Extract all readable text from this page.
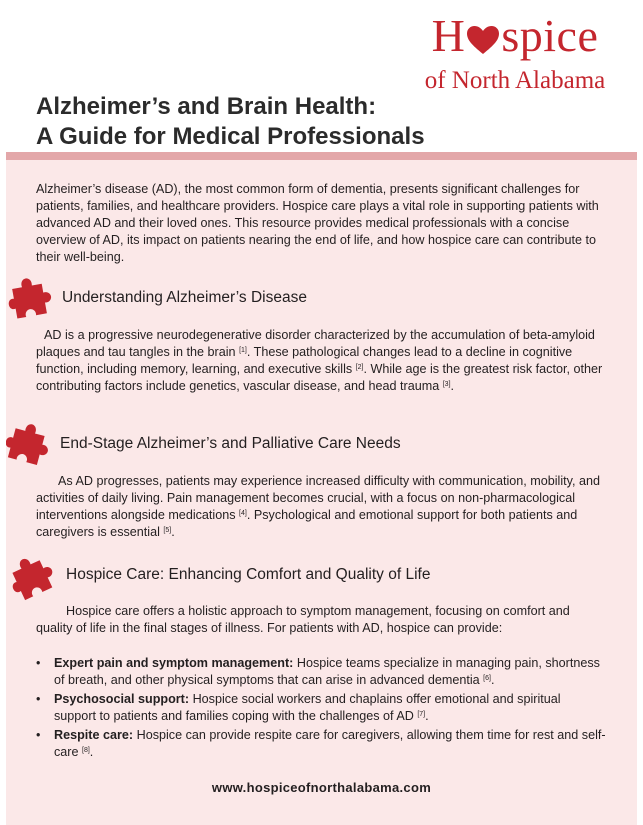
H spice
of North Alabama
Alzheimer’s and Brain Health:
A Guide for Medical Professionals

Alzheimer’s disease (AD), the most common form of dementia, presents significant challenges for patients, families, and healthcare providers. Hospice care plays a vital role in supporting patients with advanced AD and their loved ones. This resource provides medical professionals with a concise overview of AD, its impact on patients nearing the end of life, and how hospice care can contribute to their well-being.

Understanding Alzheimer’s Disease

AD is a progressive neurodegenerative disorder characterized by the accumulation of beta-amyloid plaques and tau tangles in the brain [1]. These pathological changes lead to a decline in cognitive function, including memory, learning, and executive skills [2]. While age is the greatest risk factor, other contributing factors include genetics, vascular disease, and head trauma [3].

End-Stage Alzheimer’s and Palliative Care Needs

As AD progresses, patients may experience increased difficulty with communication, mobility, and activities of daily living. Pain management becomes crucial, with a focus on non-pharmacological interventions alongside medications [4]. Psychological and emotional support for both patients and caregivers is essential [5].

Hospice Care: Enhancing Comfort and Quality of Life

Hospice care offers a holistic approach to symptom management, focusing on comfort and quality of life in the final stages of illness. For patients with AD, hospice can provide:

• Expert pain and symptom management: Hospice teams specialize in managing pain, shortness of breath, and other physical symptoms that can arise in advanced dementia [6].
• Psychosocial support: Hospice social workers and chaplains offer emotional and spiritual support to patients and families coping with the challenges of AD [7].
• Respite care: Hospice can provide respite care for caregivers, allowing them time for rest and self-care [8].
www.hospiceofnorthalabama.com
